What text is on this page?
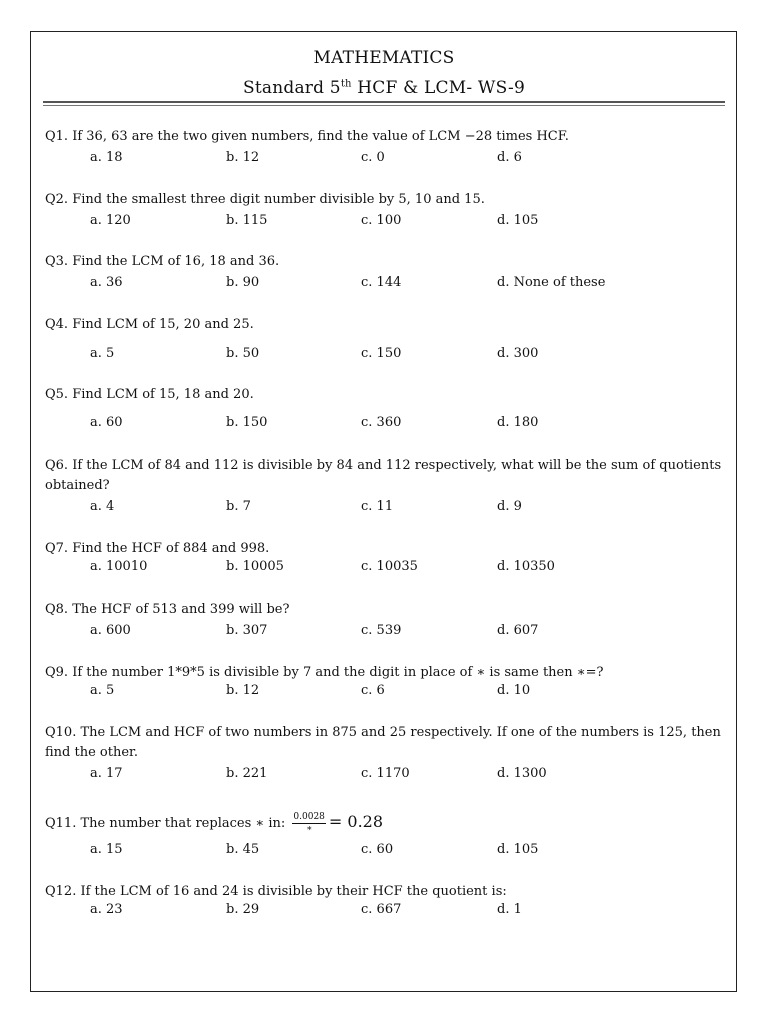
MATHEMATICS
Standard 5th HCF & LCM- WS-9
Q1. If 36, 63 are the two given numbers, find the value of LCM −28 times HCF.
a. 18	b. 12	c. 0	d. 6
Q2. Find the smallest three digit number divisible by 5, 10 and 15.
a. 120	b. 115	c. 100	d. 105
Q3. Find the LCM of 16, 18 and 36.
a. 36	b. 90	c. 144	d. None of these
Q4. Find LCM of 15, 20 and 25.
a. 5	b. 50	c. 150	d. 300
Q5. Find LCM of 15, 18 and 20.
a. 60	b. 150	c. 360	d. 180
Q6. If the LCM of 84 and 112 is divisible by 84 and 112 respectively, what will be the sum of quotients obtained?
a. 4	b. 7	c. 11	d. 9
Q7. Find the HCF of 884 and 998.
a. 10010	b. 10005	c. 10035	d. 10350
Q8. The HCF of 513 and 399 will be?
a. 600	b. 307	c. 539	d. 607
Q9. If the number 1*9*5 is divisible by 7 and the digit in place of ∗ is same then ∗=?
a. 5	b. 12	c. 6	d. 10
Q10. The LCM and HCF of two numbers in 875 and 25 respectively. If one of the numbers is 125, then find the other.
a. 17	b. 221	c. 1170	d. 1300
Q11. The number that replaces ∗ in: $\frac{0.0028}{∗} = 0.28$
a. 15	b. 45	c. 60	d. 105
Q12. If the LCM of 16 and 24 is divisible by their HCF the quotient is:
a. 23	b. 29	c. 667	d. 1
